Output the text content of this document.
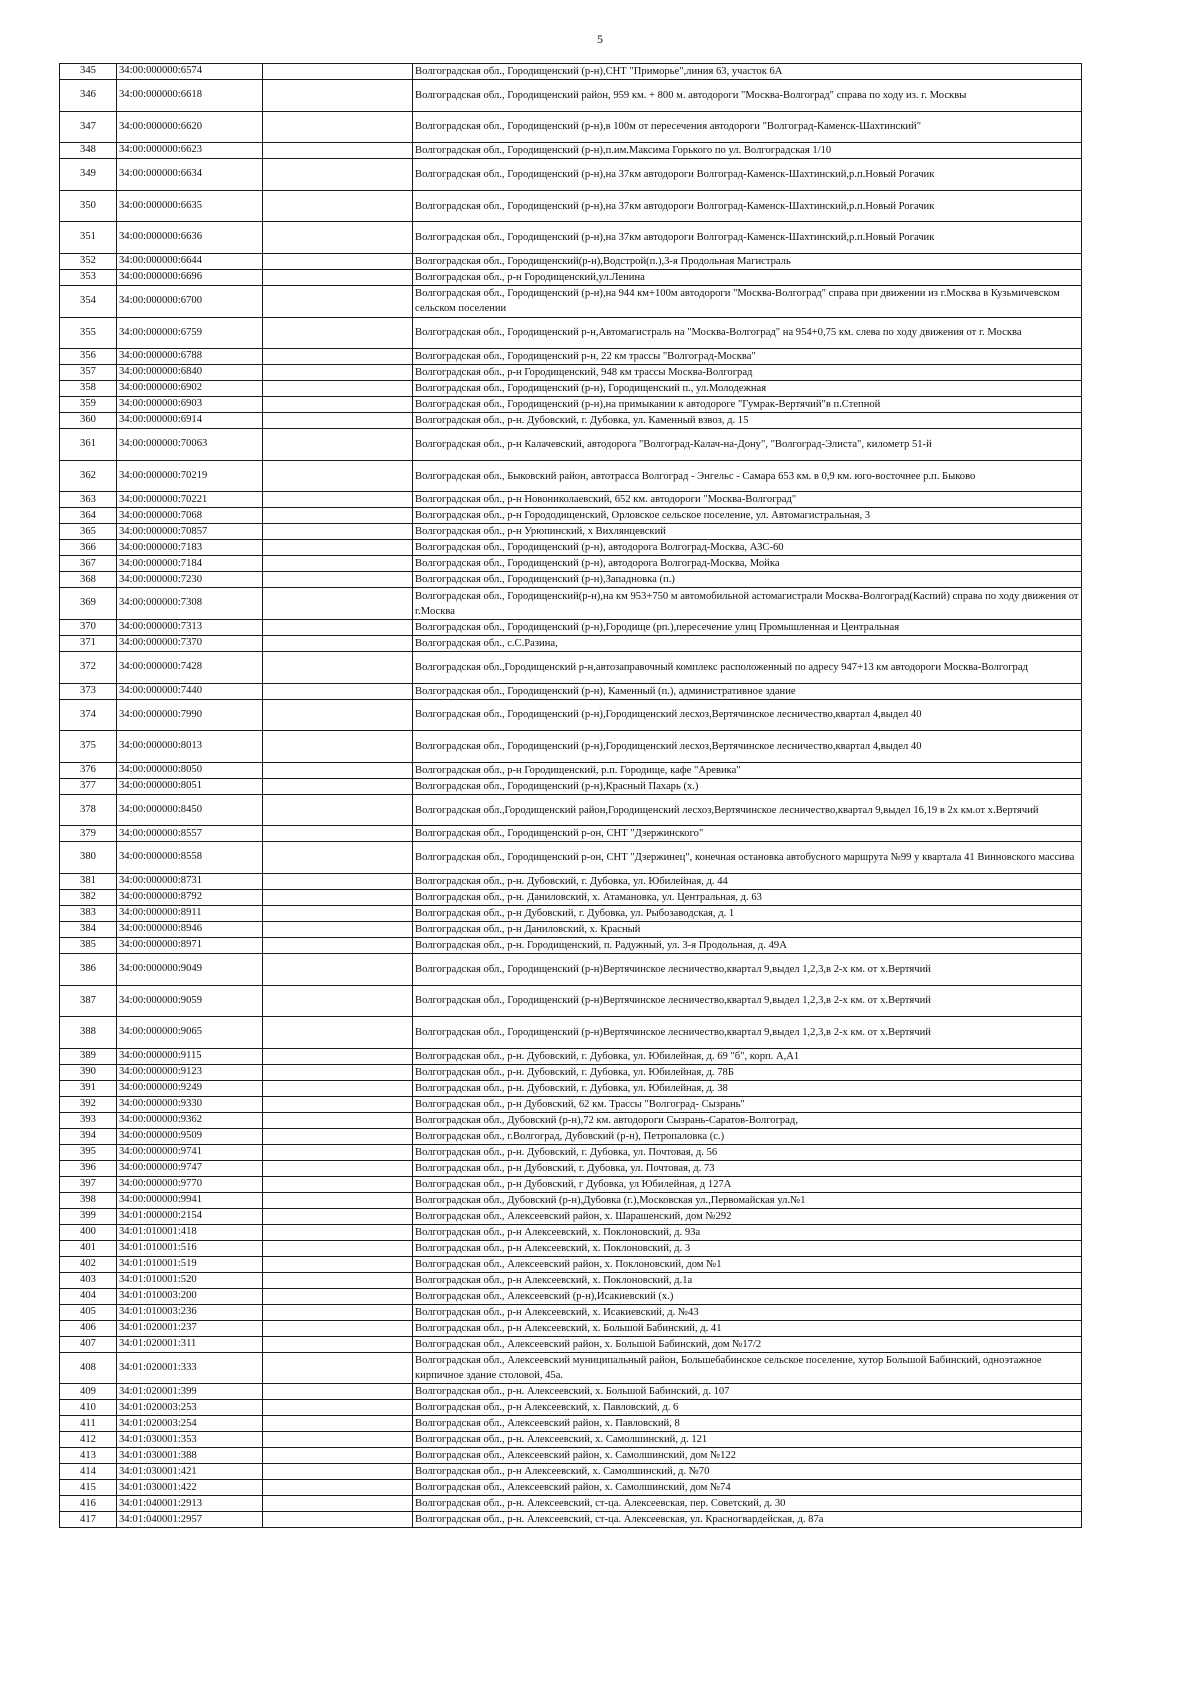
5
345	34:00:000000:6574		Волгоградская обл., Городищенский (р-н),СНТ "Приморье",линия 63, участок 6А
346	34:00:000000:6618		Волгоградская обл., Городищенский район, 959 км. + 800 м. автодороги "Москва-Волгоград" справа по ходу из. г. Москвы
347	34:00:000000:6620		Волгоградская обл., Городищенский (р-н),в 100м от пересечения автодороги "Волгоград-Каменск-Шахтинский"
348	34:00:000000:6623		Волгоградская обл., Городищенский (р-н),п.им.Максима Горького по ул. Волгоградская 1/10
349	34:00:000000:6634		Волгоградская обл., Городищенский (р-н),на 37км автодороги Волгоград-Каменск-Шахтинский,р.п.Новый Рогачик
350	34:00:000000:6635		Волгоградская обл., Городищенский (р-н),на 37км автодороги Волгоград-Каменск-Шахтинский,р.п.Новый Рогачик
351	34:00:000000:6636		Волгоградская обл., Городищенский (р-н),на 37км автодороги Волгоград-Каменск-Шахтинский,р.п.Новый Рогачик
352	34:00:000000:6644		Волгоградская обл., Городищенский(р-н),Водстрой(п.),3-я Продольная Магистраль
353	34:00:000000:6696		Волгоградская обл., р-н Городищенский,ул.Ленина
354	34:00:000000:6700		Волгоградская обл., Городищенский (р-н),на 944 км+100м автодороги "Москва-Волгоград" справа при движении из г.Москва в Кузьмичевском сельском поселении
355	34:00:000000:6759		Волгоградская обл., Городищенский р-н,Автомагистраль на "Москва-Волгоград" на 954+0,75 км. слева по ходу движения от г. Москва
356	34:00:000000:6788		Волгоградская обл., Городищенский р-н, 22 км трассы "Волгоград-Москва"
357	34:00:000000:6840		Волгоградская обл., р-н Городищенский, 948 км трассы Москва-Волгоград
358	34:00:000000:6902		Волгоградская обл., Городищенский (р-н), Городищенский п., ул.Молодежная
359	34:00:000000:6903		Волгоградская обл., Городищенский (р-н),на примыкании к автодороге "Гумрак-Вертячий"в п.Степной
360	34:00:000000:6914		Волгоградская обл., р-н. Дубовский, г. Дубовка, ул. Каменный взвоз, д. 15
361	34:00:000000:70063		Волгоградская обл., р-н Калачевский, автодорога "Волгоград-Калач-на-Дону", "Волгоград-Элиста", километр 51-й
362	34:00:000000:70219		Волгоградская обл., Быковский район, автотрасса Волгоград - Энгельс - Самара 653 км. в 0,9 км. юго-восточнее р.п. Быково
363	34:00:000000:70221		Волгоградская обл., р-н Новониколаевский, 652 км. автодороги "Москва-Волгоград"
364	34:00:000000:7068		Волгоградская обл., р-н Горододищенский, Орловское сельское поселение, ул. Автомагистральная, 3
365	34:00:000000:70857		Волгоградская обл., р-н Урюпинский, х Вихлянцевский
366	34:00:000000:7183		Волгоградская обл., Городищенский (р-н), автодорога Волгоград-Москва, АЗС-60
367	34:00:000000:7184		Волгоградская обл., Городищенский (р-н), автодорога Волгоград-Москва, Мойка
368	34:00:000000:7230		Волгоградская обл., Городищенский (р-н),Западновка (п.)
369	34:00:000000:7308		Волгоградская обл., Городищенский(р-н),на км 953+750 м автомобильной астомагистрали Москва-Волгоград(Каспий) справа по ходу движения от г.Москва
370	34:00:000000:7313		Волгоградская обл., Городищенский (р-н),Городище (рп.),пересечение улиц Промышленная и Центральная
371	34:00:000000:7370		Волгоградская обл., с.С.Разина,
372	34:00:000000:7428		Волгоградская обл.,Городищенский р-н,автозаправочный комплекс расположенный по адресу 947+13 км автодороги Москва-Волгоград
373	34:00:000000:7440		Волгоградская обл., Городищенский (р-н), Каменный (п.), административное здание
374	34:00:000000:7990		Волгоградская обл., Городищенский (р-н),Городищенский лесхоз,Вертячинское лесничество,квартал 4,выдел 40
375	34:00:000000:8013		Волгоградская обл., Городищенский (р-н),Городищенский лесхоз,Вертячинское лесничество,квартал 4,выдел 40
376	34:00:000000:8050		Волгоградская обл., р-н Городищенский, р.п. Городище, кафе "Аревика"
377	34:00:000000:8051		Волгоградская обл., Городищенский (р-н),Красный Пахарь (х.)
378	34:00:000000:8450		Волгоградская обл.,Городищенский район,Городищенский лесхоз,Вертячинское лесничество,квартал 9,выдел 16,19 в 2х км.от х.Вертячий
379	34:00:000000:8557		Волгоградская обл., Городищенский р-он, СНТ "Дзержинского"
380	34:00:000000:8558		Волгоградская обл., Городищенский р-он, СНТ "Дзержинец", конечная остановка автобусного маршрута №99 у квартала 41 Винновского массива
381	34:00:000000:8731		Волгоградская обл., р-н. Дубовский, г. Дубовка, ул. Юбилейная, д. 44
382	34:00:000000:8792		Волгоградская обл., р-н. Даниловский, х. Атамановка, ул. Центральная, д. 63
383	34:00:000000:8911		Волгоградская обл., р-н Дубовский, г. Дубовка, ул. Рыбозаводская, д. 1
384	34:00:000000:8946		Волгоградская обл., р-н Даниловский, х. Красный
385	34:00:000000:8971		Волгоградская обл., р-н. Городищенский, п. Радужный, ул. 3-я Продольная, д. 49А
386	34:00:000000:9049		Волгоградская обл., Городищенский (р-н)Вертячинское лесничество,квартал 9,выдел 1,2,3,в 2-х км. от х.Вертячий
387	34:00:000000:9059		Волгоградская обл., Городищенский (р-н)Вертячинское лесничество,квартал 9,выдел 1,2,3,в 2-х км. от х.Вертячий
388	34:00:000000:9065		Волгоградская обл., Городищенский (р-н)Вертячинское лесничество,квартал 9,выдел 1,2,3,в 2-х км. от х.Вертячий
389	34:00:000000:9115		Волгоградская обл., р-н. Дубовский, г. Дубовка, ул. Юбилейная, д. 69 "б", корп. А,А1
390	34:00:000000:9123		Волгоградская обл., р-н. Дубовский, г. Дубовка, ул. Юбилейная, д. 78Б
391	34:00:000000:9249		Волгоградская обл., р-н. Дубовский, г. Дубовка, ул. Юбилейная, д. 38
392	34:00:000000:9330		Волгоградская обл., р-н Дубовский, 62 км. Трассы "Волгоград- Сызрань"
393	34:00:000000:9362		Волгоградская обл., Дубовский (р-н),72 км. автодороги Сызрань-Саратов-Волгоград,
394	34:00:000000:9509		Волгоградская обл., г.Волгоград, Дубовский (р-н), Петропаловка (с.)
395	34:00:000000:9741		Волгоградская обл., р-н. Дубовский, г. Дубовка, ул. Почтовая, д. 56
396	34:00:000000:9747		Волгоградская обл., р-н Дубовский, г. Дубовка, ул. Почтовая, д. 73
397	34:00:000000:9770		Волгоградская обл., р-н Дубовский, г Дубовка, ул Юбилейная, д 127А
398	34:00:000000:9941		Волгоградская обл., Дубовский (р-н),Дубовка (г.),Московская ул.,Первомайская ул.№1
399	34:01:000000:2154		Волгоградская обл., Алексеевский район, х. Шарашенский, дом №292
400	34:01:010001:418		Волгоградская обл., р-н Алексеевский, х. Поклоновский, д. 93а
401	34:01:010001:516		Волгоградская обл., р-н Алексеевский, х. Поклоновский, д. 3
402	34:01:010001:519		Волгоградская обл., Алексеевский район, х. Поклоновский, дом №1
403	34:01:010001:520		Волгоградская обл., р-н Алексеевский, х. Поклоновский, д.1а
404	34:01:010003:200		Волгоградская обл., Алексеевский (р-н),Исакиевский (х.)
405	34:01:010003:236		Волгоградская обл., р-н Алексеевский, х. Исакиевский, д. №43
406	34:01:020001:237		Волгоградская обл., р-н Алексеевский, х. Большой Бабинский, д. 41
407	34:01:020001:311		Волгоградская обл., Алексеевский район, х. Большой Бабинский, дом №17/2
408	34:01:020001:333		Волгоградская обл., Алексеевский муниципальный район, Большебабинское сельское поселение, хутор Большой Бабинский, одноэтажное кирпичное здание столовой, 45а.
409	34:01:020001:399		Волгоградская обл., р-н. Алексеевский, х. Большой Бабинский, д. 107
410	34:01:020003:253		Волгоградская обл., р-н Алексеевский, х. Павловский, д. 6
411	34:01:020003:254		Волгоградская обл., Алексеевский район, х. Павловский, 8
412	34:01:030001:353		Волгоградская обл., р-н. Алексеевский, х. Самолшинский, д. 121
413	34:01:030001:388		Волгоградская обл., Алексеевский район, х. Самолшинский, дом №122
414	34:01:030001:421		Волгоградская обл., р-н Алексеевский, х. Самолшинский, д. №70
415	34:01:030001:422		Волгоградская обл., Алексеевский район, х. Самолшинский, дом №74
416	34:01:040001:2913		Волгоградская обл., р-н. Алексеевский, ст-ца. Алексеевская, пер. Советский, д. 30
417	34:01:040001:2957		Волгоградская обл., р-н. Алексеевский, ст-ца. Алексеевская, ул. Красногвардейская, д. 87а
